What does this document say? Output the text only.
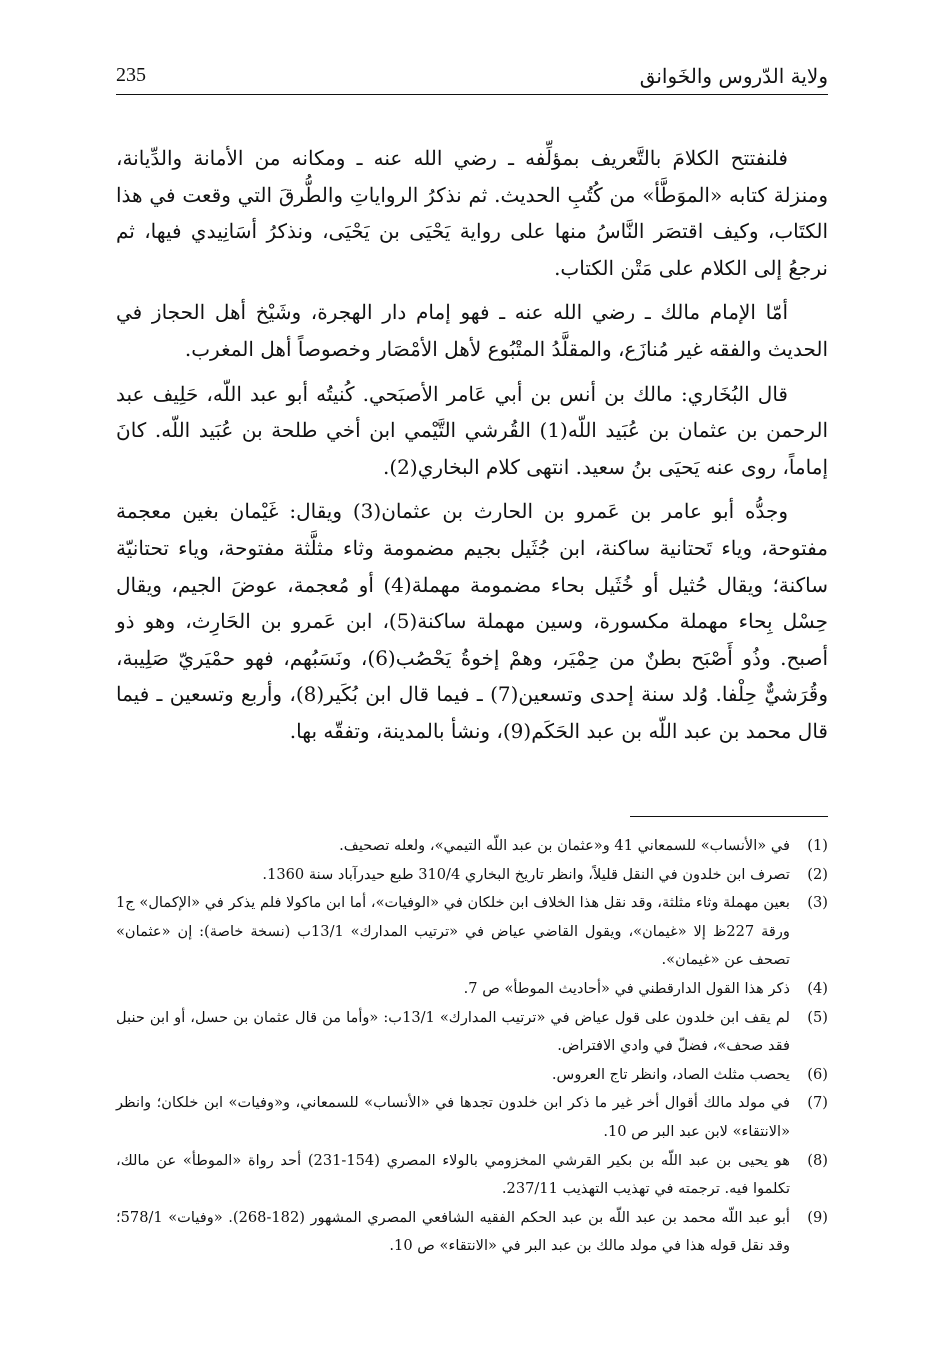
ولاية الدّروس والخَوانق
235

فلنفتتح الكلامَ بالتَّعريف بمؤلِّفه ـ رضي الله عنه ـ ومكانه من الأمانة والدِّيانة، ومنزلة كتابه «الموَطَّأ» من كُتُبِ الحديث. ثم نذكرُ الرواياتِ والطُّرقَ التي وقعت في هذا الكتَاب، وكيف اقتصَر النَّاسُ منها على رواية يَحْيَى بن يَحْيَى، ونذكرُ أسَانِيدي فيها، ثم نرجعُ إلى الكلام على مَتْن الكتاب.

أمّا الإمام مالك ـ رضي الله عنه ـ فهو إمام دار الهجرة، وشَيْخ أهل الحجاز في الحديث والفقه غير مُنازَع، والمقلَّدُ المتْبُوع لأهل الأمْصَار وخصوصاً أهل المغرب.

قال البُخَاري: مالك بن أنس بن أبي عَامر الأصبَحي. كُنيتُه أبو عبد اللّه، حَلِيف عبد الرحمن بن عثمان بن عُبَيد اللّه(1) القُرشي التَّيْمي ابن أخي طلحة بن عُبَيد اللّه. كانَ إماماً، روى عنه يَحيَى بنُ سعيد. انتهى كلام البخاري(2).

وجدُّه أبو عامر بن عَمرو بن الحارث بن عثمان(3) ويقال: غَيْمان بغين معجمة مفتوحة، وياء تَحتانية ساكنة، ابن جُثَيل بجيم مضمومة وثاء مثلَّثة مفتوحة، وياء تحتانيّة ساكنة؛ ويقال حُثيل أو خُثَيل بحاء مضمومة مهملة(4) أو مُعجمة، عوضَ الجيم، ويقال حِسْل بِحاء مهملة مكسورة، وسين مهملة ساكنة(5)، ابن عَمرو بن الحَارِث، وهو ذو أصبح. وذُو أَصْبَح بطنٌ من حِمْيَر، وهمْ إخوةُ يَحْصُب(6)، ونَسَبُهم، فهو حمْيَريّ صَلِيبة، وقُرَشيٌّ حِلْفا. وُلد سنة إحدى وتسعين(7) ـ فيما قال ابن بُكَير(8)، وأربع وتسعين ـ فيما قال محمد بن عبد اللّه بن عبد الحَكَم(9)، ونشأ بالمدينة، وتفقّه بها.

(1)
في «الأنساب» للسمعاني 41 و«عثمان بن عبد اللّه التيمي»، ولعله تصحيف.
(2)
تصرف ابن خلدون في النقل قليلاً، وانظر تاريخ البخاري 310/4 طبع حيدرآباد سنة 1360.
(3)
بعين مهملة وثاء مثلثة، وقد نقل هذا الخلاف ابن خلكان في «الوفيات»، أما ابن ماكولا فلم يذكر في «الإكمال» ج1 ورقة 227ظ إلا «غيمان»، ويقول القاضي عياض في «ترتيب المدارك» 13/1ب (نسخة خاصة): إن «عثمان» تصحف عن «غيمان».
(4)
ذكر هذا القول الدارقطني في «أحاديث الموطأ» ص 7.
(5)
لم يقف ابن خلدون على قول عياض في «ترتيب المدارك» 13/1ب: «وأما من قال عثمان بن حسل، أو ابن حنبل فقد صحف»، فضلّ في وادي الافتراض.
(6)
يحصب مثلث الصاد، وانظر تاج العروس.
(7)
في مولد مالك أقوال أخر غير ما ذكر ابن خلدون تجدها في «الأنساب» للسمعاني، و«وفيات» ابن خلكان؛ وانظر «الانتقاء» لابن عبد البر ص 10.
(8)
هو يحيى بن عبد اللّه بن بكير القرشي المخزومي بالولاء المصري (154-231) أحد رواة «الموطأ» عن مالك، تكلموا فيه. ترجمته في تهذيب التهذيب 237/11.
(9)
أبو عبد اللّه محمد بن عبد اللّه بن عبد الحكم الفقيه الشافعي المصري المشهور (182-268). «وفيات» 578/1؛ وقد نقل قوله هذا في مولد مالك بن عبد البر في «الانتقاء» ص 10.
